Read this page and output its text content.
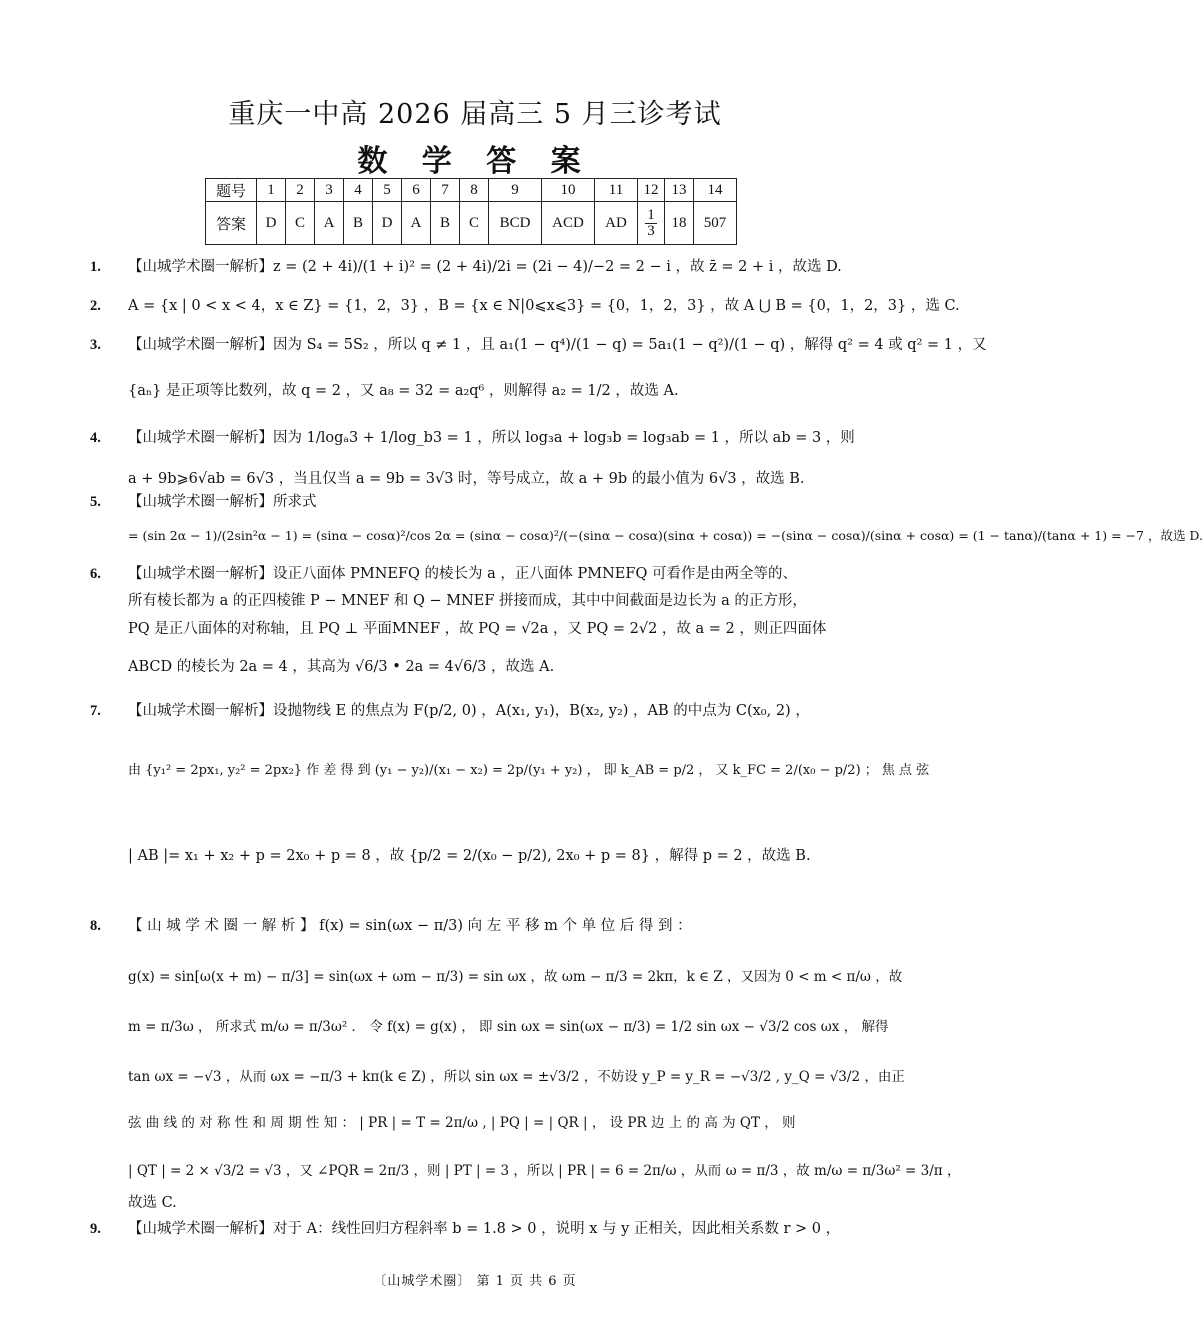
重庆一中高 2026 届高三 5 月三诊考试
数 学 答 案
题号	1	2	3	4	5	6	7	8	9	10	11	12	13	14
答案	D	C	A	B	D	A	B	C	BCD	ACD	AD	$\frac{1}{3}$	18	507
1. 【山城学术圈一解析】z = (2 + 4i)/(1 + i)² = (2 + 4i)/2i = (2i − 4)/−2 = 2 − i ，故 z̄ = 2 + i ，故选 D.
2. A = {x | 0 < x < 4，x ∈ Z} = {1，2，3} ，B = {x ∈ N|0⩽x⩽3} = {0，1，2，3} ，故 A ⋃ B = {0，1，2，3} ，选 C.
3. 【山城学术圈一解析】因为 S₄ = 5S₂ ，所以 q ≠ 1 ，且 a₁(1 − q⁴)/(1 − q) = 5a₁(1 − q²)/(1 − q) ，解得 q² = 4 或 q² = 1 ，又
{aₙ} 是正项等比数列，故 q = 2 ，又 a₈ = 32 = a₂q⁶ ，则解得 a₂ = 1/2 ，故选 A.
4. 【山城学术圈一解析】因为 1/logₐ3 + 1/log_b3 = 1 ，所以 log₃a + log₃b = log₃ab = 1 ，所以 ab = 3 ，则
a + 9b⩾6√ab = 6√3 ，当且仅当 a = 9b = 3√3 时，等号成立，故 a + 9b 的最小值为 6√3 ，故选 B.
5. 【山城学术圈一解析】所求式
= (sin 2α − 1)/(2sin²α − 1) = (sinα − cosα)²/cos 2α = (sinα − cosα)²/(−(sinα − cosα)(sinα + cosα)) = −(sinα − cosα)/(sinα + cosα) = (1 − tanα)/(tanα + 1) = −7 ，故选 D.
6. 【山城学术圈一解析】设正八面体 PMNEFQ 的棱长为 a ，正八面体 PMNEFQ 可看作是由两全等的、
所有棱长都为 a 的正四棱锥 P − MNEF 和 Q − MNEF 拼接而成，其中中间截面是边长为 a 的正方形，
PQ 是正八面体的对称轴，且 PQ ⊥ 平面MNEF ，故 PQ = √2a ，又 PQ = 2√2 ，故 a = 2 ，则正四面体
ABCD 的棱长为 2a = 4 ，其高为 √6/3 • 2a = 4√6/3 ，故选 A.
7. 【山城学术圈一解析】设抛物线 E 的焦点为 F(p/2, 0) ，A(x₁, y₁)，B(x₂, y₂) ，AB 的中点为 C(x₀, 2) ，
由 {y₁² = 2px₁, y₂² = 2px₂} 作 差 得 到 (y₁ − y₂)/(x₁ − x₂) = 2p/(y₁ + y₂) ， 即 k_AB = p/2 ， 又 k_FC = 2/(x₀ − p/2) ； 焦 点 弦
| AB |= x₁ + x₂ + p = 2x₀ + p = 8 ，故 {p/2 = 2/(x₀ − p/2), 2x₀ + p = 8} ，解得 p = 2 ，故选 B.
8. 【 山 城 学 术 圈 一 解 析 】 f(x) = sin(ωx − π/3) 向 左 平 移 m 个 单 位 后 得 到 ：
g(x) = sin[ω(x + m) − π/3] = sin(ωx + ωm − π/3) = sin ωx ，故 ωm − π/3 = 2kπ，k ∈ Z ，又因为 0 < m < π/ω ，故
m = π/3ω ， 所求式 m/ω = π/3ω² ． 令 f(x) = g(x) ， 即 sin ωx = sin(ωx − π/3) = 1/2 sin ωx − √3/2 cos ωx ， 解得
tan ωx = −√3 ，从而 ωx = −π/3 + kπ(k ∈ Z) ，所以 sin ωx = ±√3/2 ，不妨设 y_P = y_R = −√3/2 , y_Q = √3/2 ，由正
弦 曲 线 的 对 称 性 和 周 期 性 知 ： | PR | = T = 2π/ω , | PQ | = | QR | ， 设 PR 边 上 的 高 为 QT ， 则
| QT | = 2 × √3/2 = √3 ，又 ∠PQR = 2π/3 ，则 | PT | = 3 ，所以 | PR | = 6 = 2π/ω ，从而 ω = π/3 ，故 m/ω = π/3ω² = 3/π ，
故选 C.
9. 【山城学术圈一解析】对于 A：线性回归方程斜率 b = 1.8 > 0 ，说明 x 与 y 正相关，因此相关系数 r > 0 ，
〔山城学术圈〕 第 1 页 共 6 页
